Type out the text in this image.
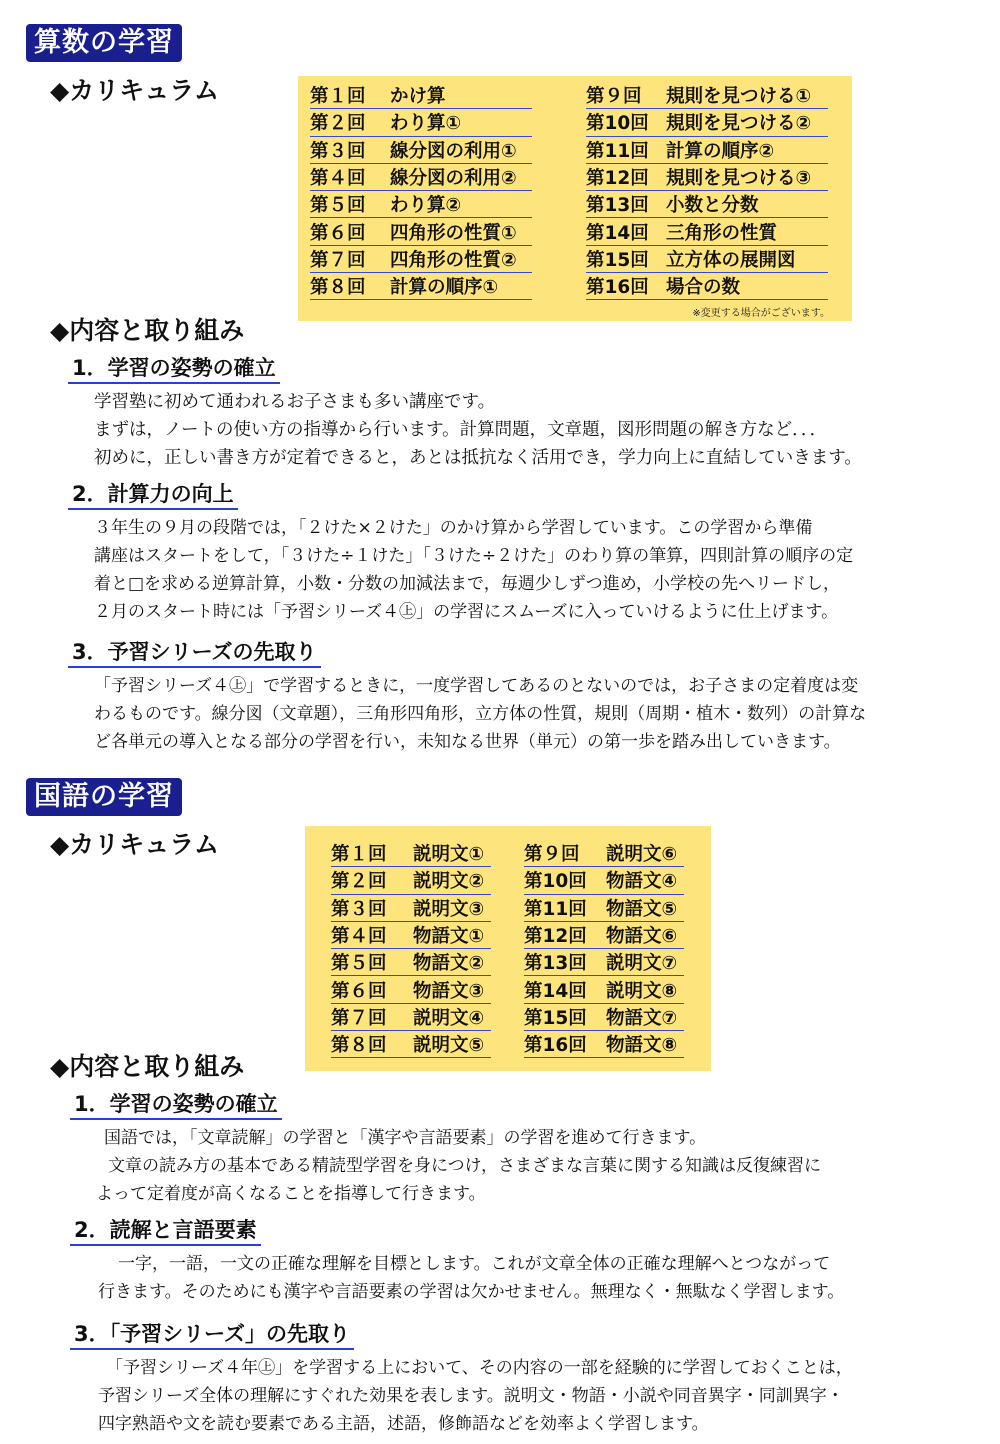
算数の学習
◆カリキュラム	第１回	かけ算
第２回	わり算①
第３回	線分図の利用①
第４回	線分図の利用②
第５回	わり算②
第６回	四角形の性質①
第７回	四角形の性質②
第８回	計算の順序①
第９回	規則を見つける①
第10回 規則を見つける②
第11回 計算の順序②
第12回 規則を見つける③
第13回 小数と分数
第14回 三角形の性質
第15回 立方体の展開図
第16回 場合の数
※変更する場合がございます。
◆内容と取り組み
1．学習の姿勢の確立
学習塾に初めて通われるお子さまも多い講座です。
まずは，ノートの使い方の指導から行います。計算問題，文章題，図形問題の解き方など．．．
初めに，正しい書き方が定着できると，あとは抵抗なく活用でき，学力向上に直結していきます。
2．計算力の向上
３年生の９月の段階では，「２けた×２けた」のかけ算から学習しています。この学習から準備
講座はスタートをして，「３けた÷１けた」「３けた÷２けた」のわり算の筆算，四則計算の順序の定
着と□を求める逆算計算，小数・分数の加減法まで，毎週少しずつ進め，小学校の先へリードし，
２月のスタート時には「予習シリーズ４㊤」の学習にスムーズに入っていけるように仕上げます。
3．予習シリーズの先取り
「予習シリーズ４㊤」で学習するときに，一度学習してあるのとないのでは，お子さまの定着度は変
わるものです。線分図（文章題），三角形四角形，立方体の性質，規則（周期・植木・数列）の計算な
ど各単元の導入となる部分の学習を行い，未知なる世界（単元）の第一歩を踏み出していきます。
国語の学習
◆カリキュラム	第１回	説明文①
第２回	説明文②
第３回	説明文③
第４回	物語文①
第５回	物語文②
第６回	物語文③
第７回	説明文④
第８回	説明文⑤
第９回	説明文⑥
第10回	物語文④
第11回	物語文⑤
第12回	物語文⑥
第13回	説明文⑦
第14回	説明文⑧
第15回	物語文⑦
第16回	物語文⑧
◆内容と取り組み
1．学習の姿勢の確立
国語では，「文章読解」の学習と「漢字や言語要素」の学習を進めて行きます。
文章の読み方の基本である精読型学習を身につけ，さまざまな言葉に関する知識は反復練習に
よって定着度が高くなることを指導して行きます。
2．読解と言語要素
一字，一語，一文の正確な理解を目標とします。これが文章全体の正確な理解へとつながって
行きます。そのためにも漢字や言語要素の学習は欠かせません。無理なく・無駄なく学習します。
3．「予習シリーズ」の先取り
「予習シリーズ４年㊤」を学習する上において、その内容の一部を経験的に学習しておくことは，
予習シリーズ全体の理解にすぐれた効果を表します。説明文・物語・小説や同音異字・同訓異字・
四字熟語や文を読む要素である主語，述語，修飾語などを効率よく学習します。
